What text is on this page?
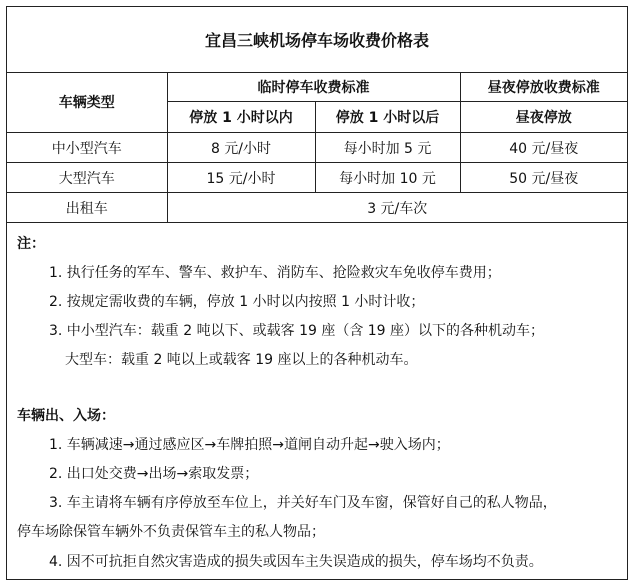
宜昌三峡机场停车场收费价格表
车辆类型	临时停车收费标准		昼夜停放收费标准
	停放 1 小时以内	停放 1 小时以后	昼夜停放
中小型汽车	8 元/小时	每小时加 5 元	40 元/昼夜
大型汽车	15 元/小时	每小时加 10 元	50 元/昼夜
出租车	3 元/车次		
注：
1. 执行任务的军车、警车、救护车、消防车、抢险救灾车免收停车费用；
2. 按规定需收费的车辆，停放 1 小时以内按照 1 小时计收；
3. 中小型汽车：载重 2 吨以下、或载客 19 座（含 19 座）以下的各种机动车；
大型车：载重 2 吨以上或载客 19 座以上的各种机动车。
车辆出、入场：
1. 车辆减速→通过感应区→车牌拍照→道闸自动升起→驶入场内；
2. 出口处交费→出场→索取发票；
3. 车主请将车辆有序停放至车位上，并关好车门及车窗，保管好自己的私人物品，
停车场除保管车辆外不负责保管车主的私人物品；
4. 因不可抗拒自然灾害造成的损失或因车主失误造成的损失，停车场均不负责。
